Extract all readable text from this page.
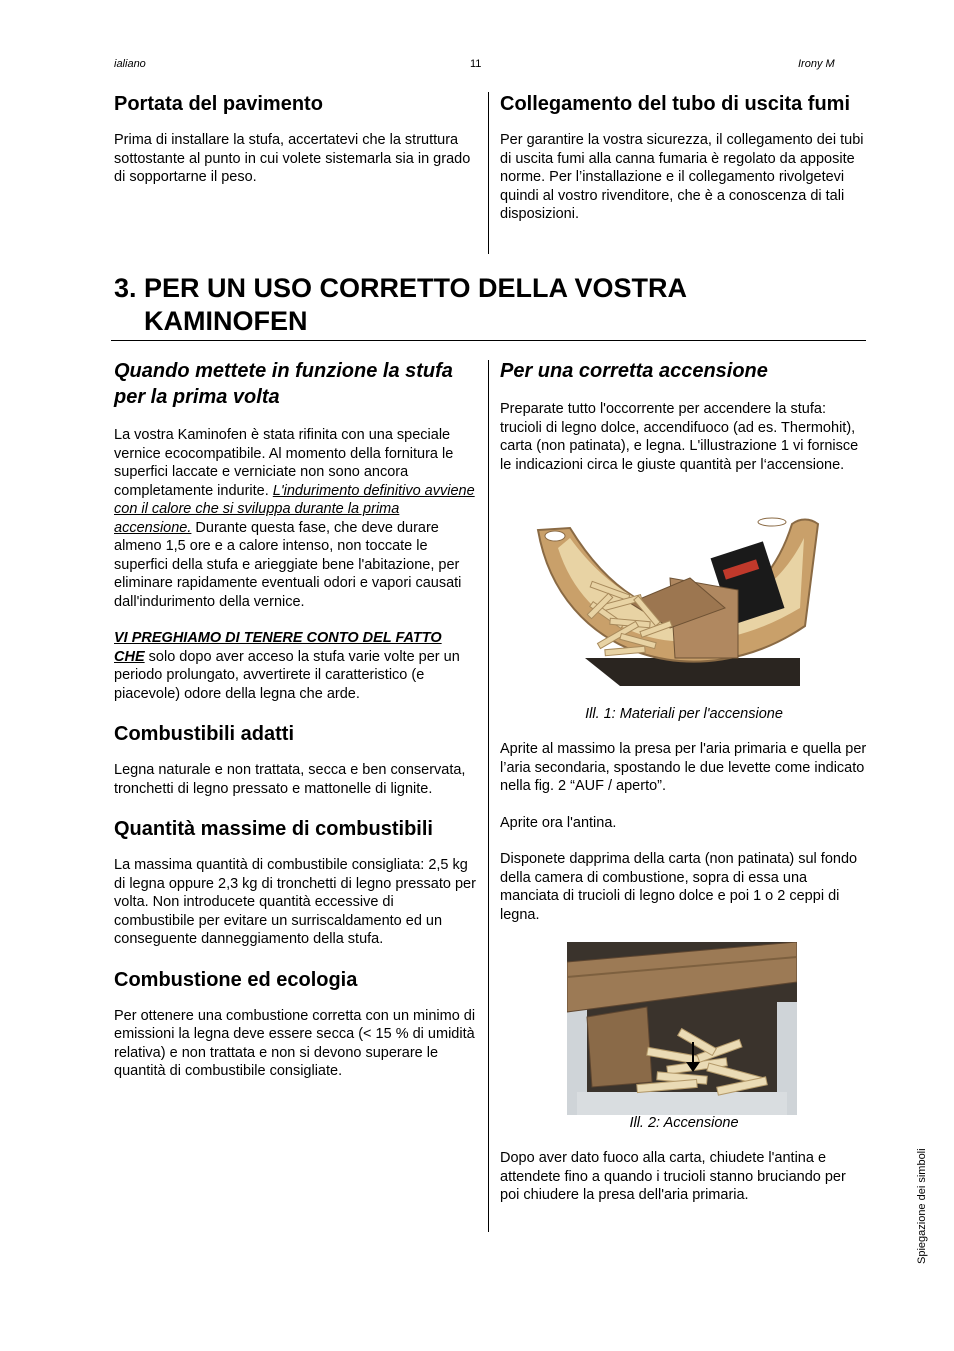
ialiano	11	Irony M
Portata del pavimento

Prima di installare la stufa, accertatevi che la struttura sottostante al punto in cui volete sistemarla sia in grado di sopportarne il peso.

Collegamento del tubo di uscita fumi

Per garantire la vostra sicurezza, il collegamento dei tubi di uscita fumi alla canna fumaria è regolato da apposite norme. Per l’installazione e il collegamento rivolgetevi quindi al vostro rivenditore, che è a conoscenza di tali disposizioni.

3. PER UN USO CORRETTO DELLA VOSTRA
KAMINOFEN
Quando mettete in funzione la stufa per la prima volta

La vostra Kaminofen è stata rifinita con una speciale vernice ecocompatibile. Al momento della fornitura le superfici laccate e verniciate non sono ancora completamente indurite. L'indurimento definitivo avviene con il calore che si sviluppa durante la prima accensione. Durante questa fase, che deve durare almeno 1,5 ore e a calore intenso, non toccate le superfici della stufa e arieggiate bene l'abitazione, per eliminare rapidamente eventuali odori e vapori causati dall'indurimento della vernice.

VI PREGHIAMO DI TENERE CONTO DEL FATTO CHE solo dopo aver acceso la stufa varie volte per un periodo prolungato, avvertirete il caratteristico (e piacevole) odore della legna che arde.

Combustibili adatti

Legna naturale e non trattata, secca e ben conservata, tronchetti di legno pressato e mattonelle di lignite.

Quantità massime di combustibili

La massima quantità di combustibile consigliata: 2,5 kg di legna oppure 2,3 kg di tronchetti di legno pressato per volta. Non introducete quantità eccessive di combustibile per evitare un surriscaldamento ed un conseguente danneggiamento della stufa.

Combustione ed ecologia

Per ottenere una combustione corretta con un minimo di emissioni la legna deve essere secca (< 15 % di umidità relativa) e non trattata e non si devono superare le quantità di combustibile consigliate.

Per una corretta accensione

Preparate tutto l'occorrente per accendere la stufa: trucioli di legno dolce, accendifuoco (ad es. Thermohit), carta (non patinata), e legna. L'illustrazione 1 vi fornisce le indicazioni circa le giuste quantità per l‘accensione.

Ill. 1: Materiali per l'accensione

Aprite al massimo la presa per l'aria primaria e quella per l’aria secondaria, spostando le due levette come indicato nella fig. 2 “AUF / aperto”.

Aprite ora l'antina.

Disponete dapprima della carta (non patinata) sul fondo della camera di combustione, sopra di essa una manciata di trucioli di legno dolce e poi 1 o 2 ceppi di legna.

Ill. 2: Accensione

Dopo aver dato fuoco alla carta, chiudete l'antina e attendete fino a quando i trucioli stanno bruciando per poi chiudere la presa dell'aria primaria.	Spiegazione dei simboli
